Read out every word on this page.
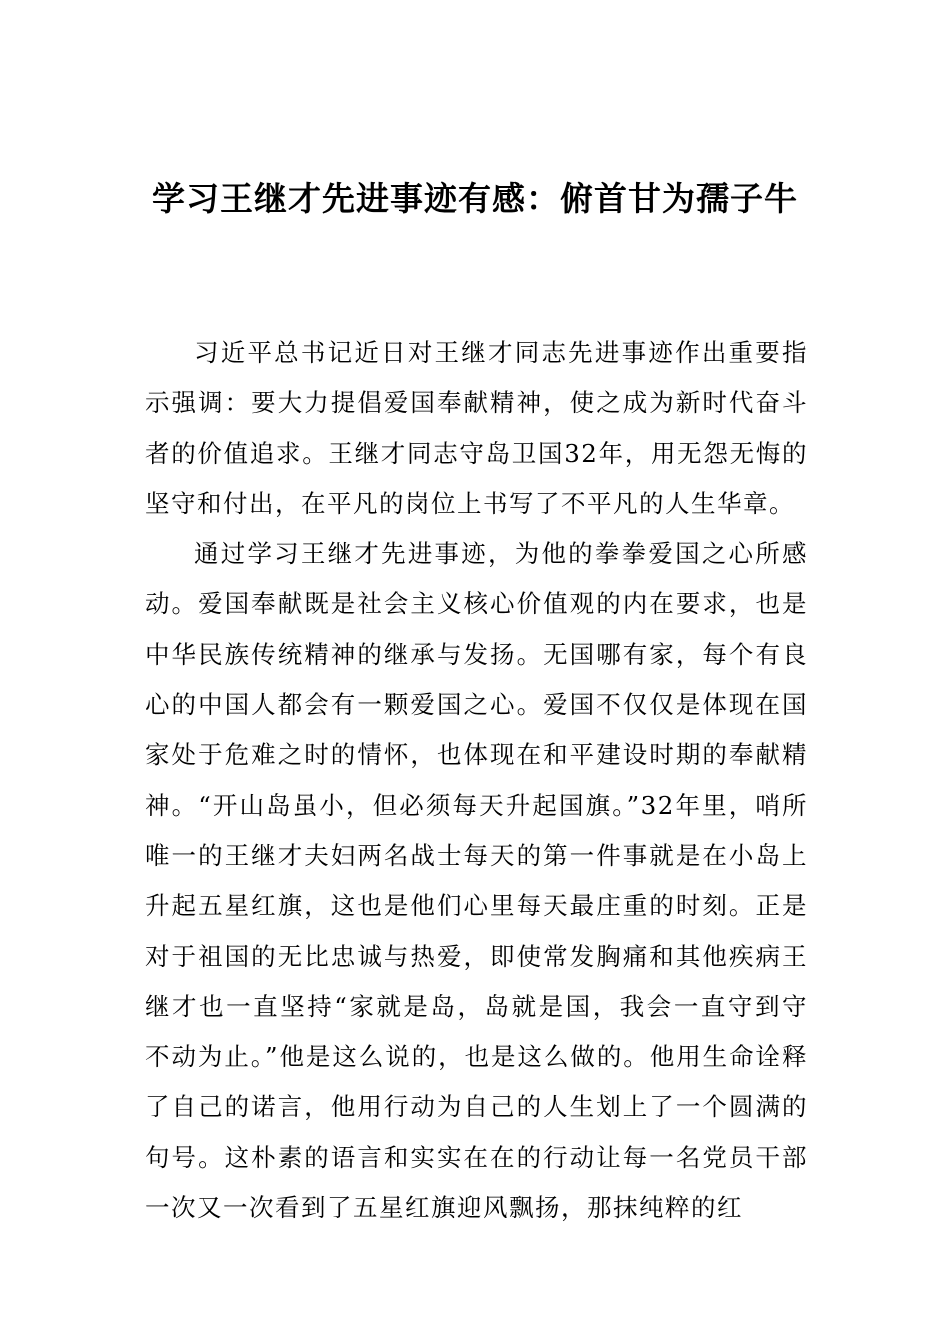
学习王继才先进事迹有感：俯首甘为孺子牛

习近平总书记近日对王继才同志先进事迹作出重要指示强调：要大力提倡爱国奉献精神，使之成为新时代奋斗者的价值追求。王继才同志守岛卫国32年，用无怨无悔的坚守和付出，在平凡的岗位上书写了不平凡的人生华章。

通过学习王继才先进事迹，为他的拳拳爱国之心所感动。爱国奉献既是社会主义核心价值观的内在要求，也是中华民族传统精神的继承与发扬。无国哪有家，每个有良心的中国人都会有一颗爱国之心。爱国不仅仅是体现在国家处于危难之时的情怀，也体现在和平建设时期的奉献精神。“开山岛虽小，但必须每天升起国旗。”32年里，哨所唯一的王继才夫妇两名战士每天的第一件事就是在小岛上升起五星红旗，这也是他们心里每天最庄重的时刻。正是对于祖国的无比忠诚与热爱，即使常发胸痛和其他疾病王继才也一直坚持“家就是岛，岛就是国，我会一直守到守不动为止。”他是这么说的，也是这么做的。他用生命诠释了自己的诺言，他用行动为自己的人生划上了一个圆满的句号。这朴素的语言和实实在在的行动让每一名党员干部一次又一次看到了五星红旗迎风飘扬，那抹纯粹的红
